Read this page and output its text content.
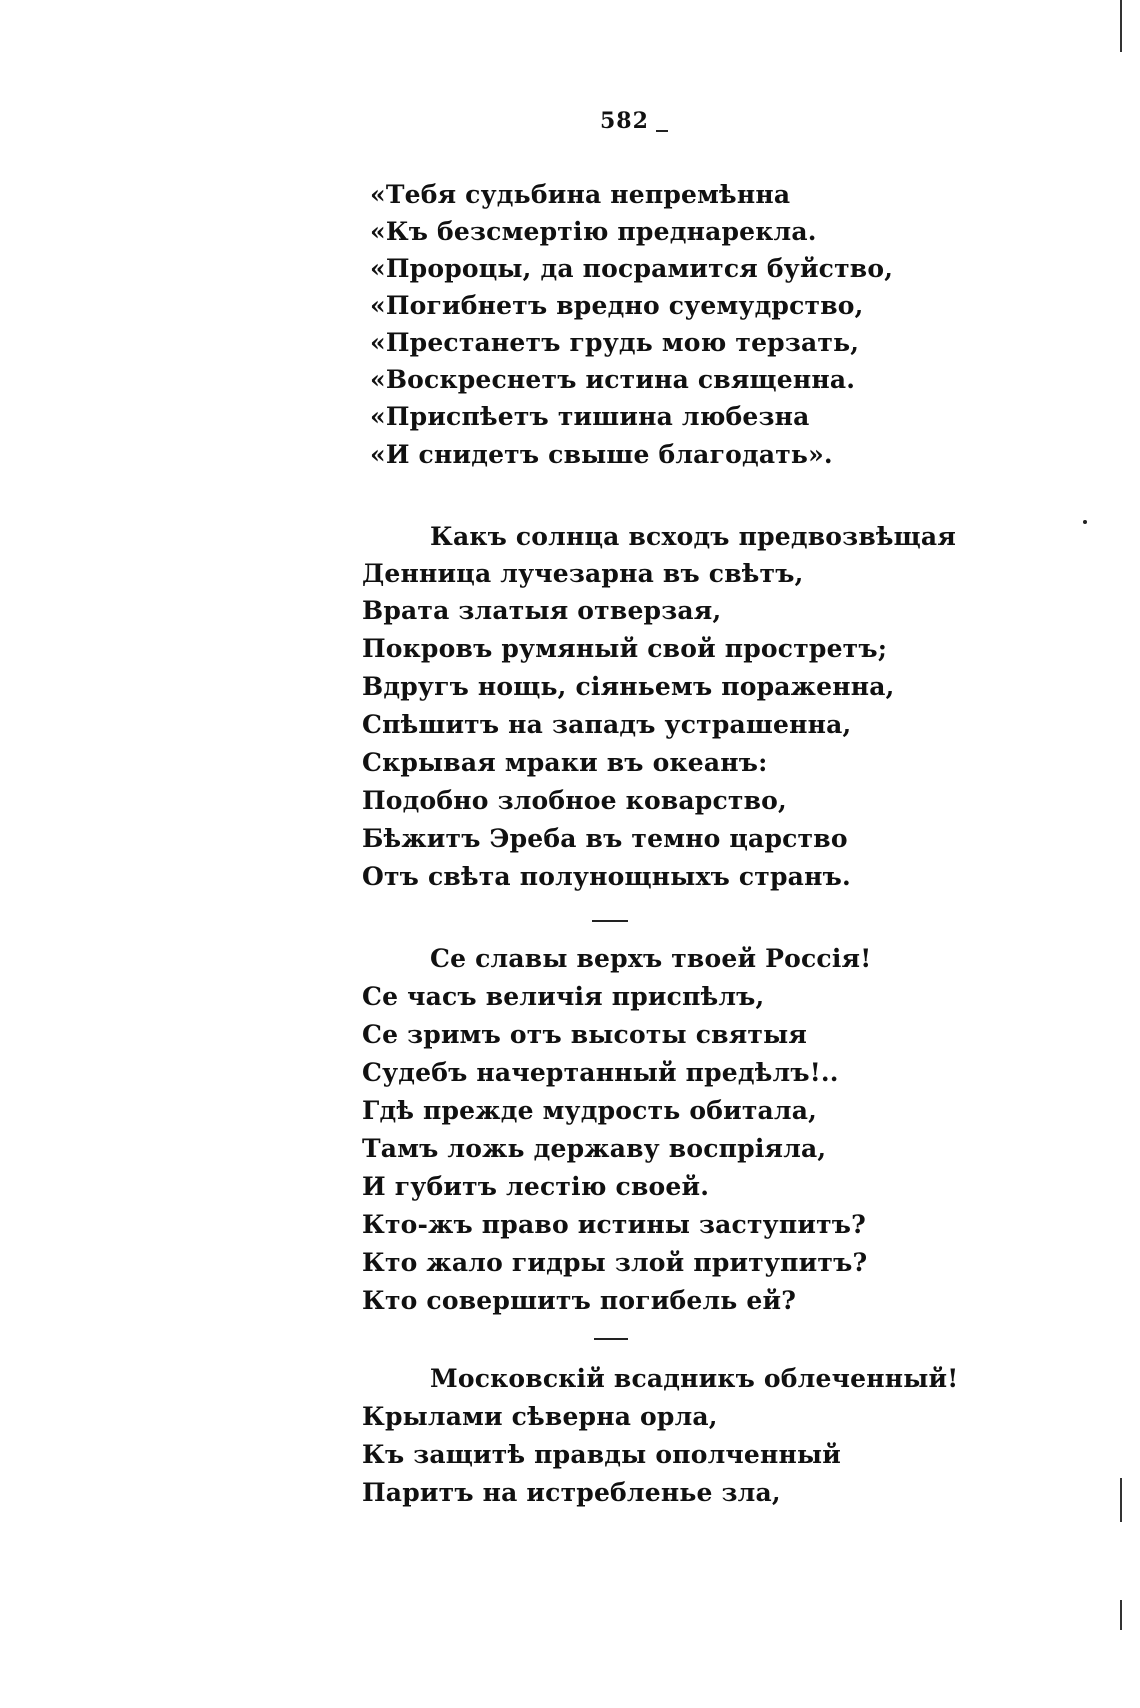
582
«Тебя судьбина непремѣнна
«Къ безсмертію преднарекла.
«Пророцы, да посрамится буйство,
«Погибнетъ вредно суемудрство,
«Престанетъ грудь мою терзать,
«Воскреснетъ истина священна.
«Приспѣетъ тишина любезна
«И снидетъ свыше благодать».
Какъ солнца всходъ предвозвѣщая
Денница лучезарна въ свѣтъ,
Врата златыя отверзая,
Покровъ румяный свой простретъ;
Вдругъ нощь, сіяньемъ пораженна,
Спѣшитъ на западъ устрашенна,
Скрывая мраки въ океанъ:
Подобно злобное коварство,
Бѣжитъ Эреба въ темно царство
Отъ свѣта полунощныхъ странъ.
Се славы верхъ твоей Россія!
Се часъ величія приспѣлъ,
Се зримъ отъ высоты святыя
Судебъ начертанный предѣлъ!..
Гдѣ прежде мудрость обитала,
Тамъ ложь державу воспріяла,
И губитъ лестію своей.
Кто-жъ право истины заступитъ?
Кто жало гидры злой притупитъ?
Кто совершитъ погибель ей?
Московскій всадникъ облеченный!
Крылами сѣверна орла,
Къ защитѣ правды ополченный
Паритъ на истребленье зла,
